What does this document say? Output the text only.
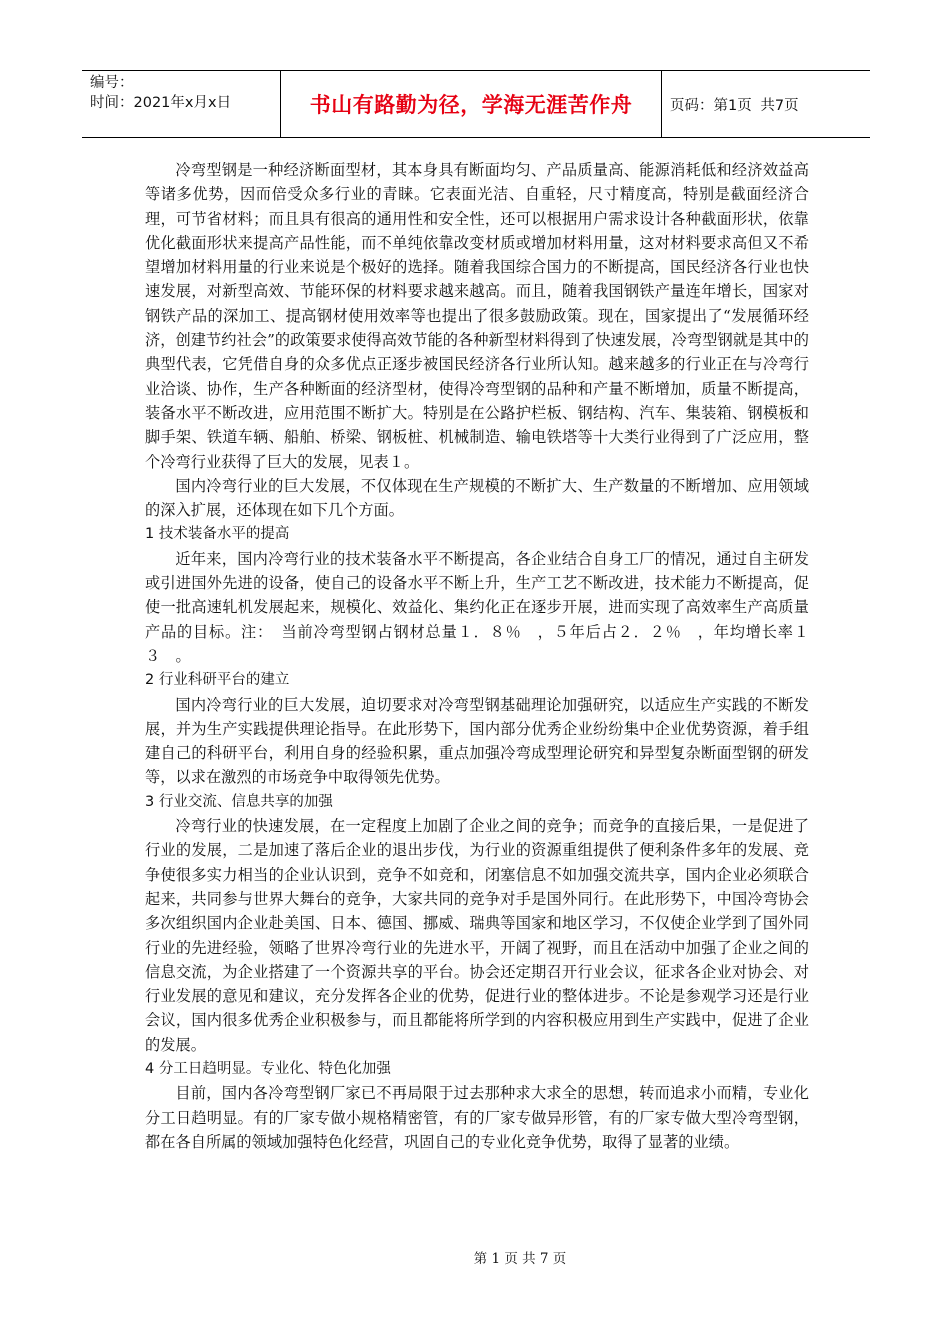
编号：
时间：2021年x月x日	书山有路勤为径，学海无涯苦作舟	页码：第1页
共7页

冷弯型钢是一种经济断面型材，其本身具有断面均匀、产品质量高、能源消耗低和经济效益高等诸多优势，因而倍受众多行业的青睐。它表面光洁、自重轻，尺寸精度高，特别是截面经济合理，可节省材料；而且具有很高的通用性和安全性，还可以根据用户需求设计各种截面形状，依靠优化截面形状来提高产品性能，而不单纯依靠改变材质或增加材料用量，这对材料要求高但又不希望增加材料用量的行业来说是个极好的选择。随着我国综合国力的不断提高，国民经济各行业也快速发展，对新型高效、节能环保的材料要求越来越高。而且，随着我国钢铁产量连年增长，国家对钢铁产品的深加工、提高钢材使用效率等也提出了很多鼓励政策。现在，国家提出了“发展循环经济，创建节约社会”的政策要求使得高效节能的各种新型材料得到了快速发展，冷弯型钢就是其中的典型代表，它凭借自身的众多优点正逐步被国民经济各行业所认知。越来越多的行业正在与冷弯行业洽谈、协作，生产各种断面的经济型材，使得冷弯型钢的品种和产量不断增加，质量不断提高，装备水平不断改进，应用范围不断扩大。特别是在公路护栏板、钢结构、汽车、集装箱、钢模板和脚手架、铁道车辆、船舶、桥梁、钢板桩、机械制造、输电铁塔等十大类行业得到了广泛应用，整个冷弯行业获得了巨大的发展，见表１。

国内冷弯行业的巨大发展，不仅体现在生产规模的不断扩大、生产数量的不断增加、应用领域的深入扩展，还体现在如下几个方面。

1 技术装备水平的提高

近年来，国内冷弯行业的技术装备水平不断提高，各企业结合自身工厂的情况，通过自主研发或引进国外先进的设备，使自己的设备水平不断上升，生产工艺不断改进，技术能力不断提高，促使一批高速轧机发展起来，规模化、效益化、集约化正在逐步开展，进而实现了高效率生产高质量产品的目标。注：　当前冷弯型钢占钢材总量１．８％　，５年后占２．２％　，年均增长率１３　。

2 行业科研平台的建立

国内冷弯行业的巨大发展，迫切要求对冷弯型钢基础理论加强研究，以适应生产实践的不断发展，并为生产实践提供理论指导。在此形势下，国内部分优秀企业纷纷集中企业优势资源，着手组建自己的科研平台，利用自身的经验积累，重点加强冷弯成型理论研究和异型复杂断面型钢的研发等，以求在激烈的市场竞争中取得领先优势。

3 行业交流、信息共享的加强

冷弯行业的快速发展，在一定程度上加剧了企业之间的竞争；而竞争的直接后果，一是促进了行业的发展，二是加速了落后企业的退出步伐，为行业的资源重组提供了便利条件多年的发展、竞争使很多实力相当的企业认识到，竞争不如竞和，闭塞信息不如加强交流共享，国内企业必须联合起来，共同参与世界大舞台的竞争，大家共同的竞争对手是国外同行。在此形势下，中国冷弯协会多次组织国内企业赴美国、日本、德国、挪威、瑞典等国家和地区学习，不仅使企业学到了国外同行业的先进经验，领略了世界冷弯行业的先进水平，开阔了视野，而且在活动中加强了企业之间的信息交流，为企业搭建了一个资源共享的平台。协会还定期召开行业会议，征求各企业对协会、对行业发展的意见和建议，充分发挥各企业的优势，促进行业的整体进步。不论是参观学习还是行业会议，国内很多优秀企业积极参与，而且都能将所学到的内容积极应用到生产实践中，促进了企业的发展。

4 分工日趋明显。专业化、特色化加强

目前，国内各冷弯型钢厂家已不再局限于过去那种求大求全的思想，转而追求小而精，专业化分工日趋明显。有的厂家专做小规格精密管，有的厂家专做异形管，有的厂家专做大型冷弯型钢，都在各自所属的领域加强特色化经营，巩固自己的专业化竞争优势，取得了显著的业绩。

第 1 页 共 7 页
